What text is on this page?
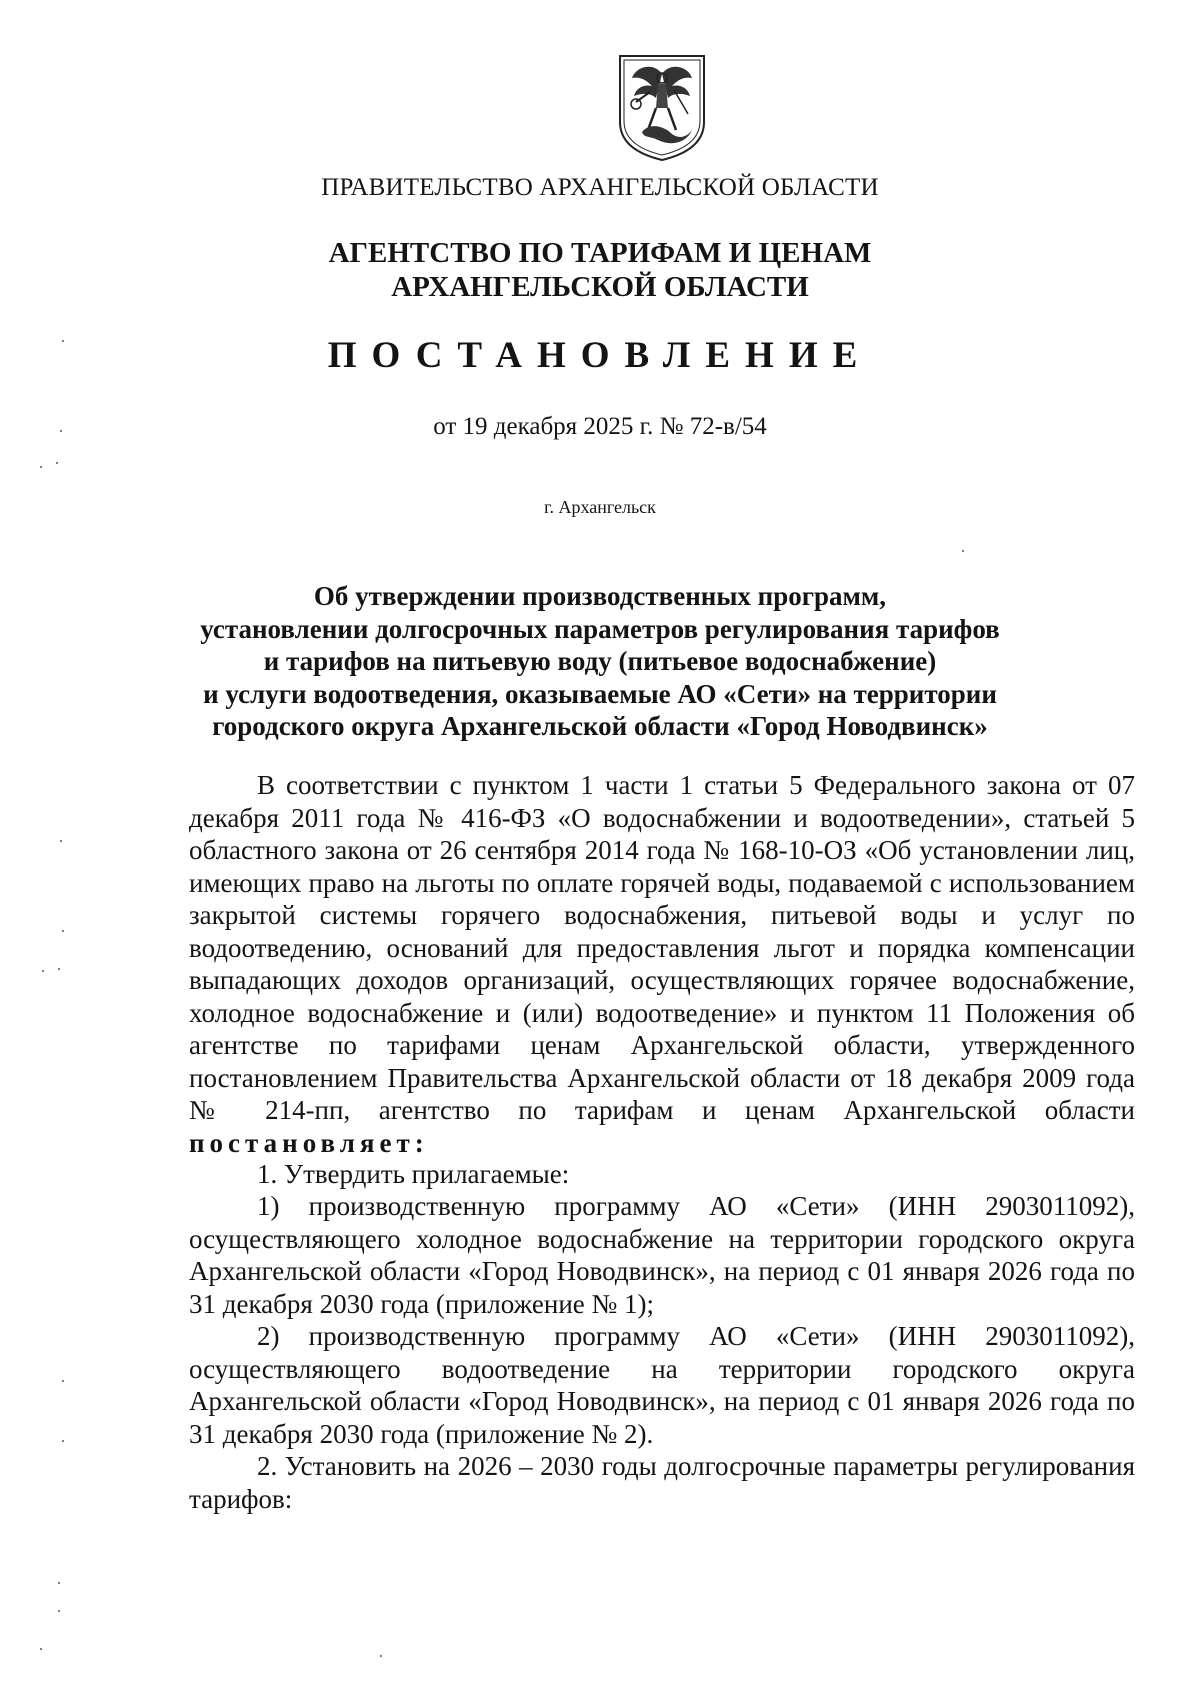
ПРАВИТЕЛЬСТВО АРХАНГЕЛЬСКОЙ ОБЛАСТИ
АГЕНТСТВО ПО ТАРИФАМ И ЦЕНАМ
АРХАНГЕЛЬСКОЙ ОБЛАСТИ
ПОСТАНОВЛЕНИЕ
от 19 декабря 2025 г. № 72-в/54
г. Архангельск
Об утверждении производственных программ,
установлении долгосрочных параметров регулирования тарифов
и тарифов на питьевую воду (питьевое водоснабжение)
и услуги водоотведения, оказываемые АО «Сети» на территории
городского округа Архангельской области «Город Новодвинск»
В соответствии с пунктом 1 части 1 статьи 5 Федерального закона от 07 декабря 2011 года № 416-ФЗ «О водоснабжении и водоотведении», статьей 5 областного закона от 26 сентября 2014 года № 168-10-ОЗ «Об установлении лиц, имеющих право на льготы по оплате горячей воды, подаваемой с использованием закрытой системы горячего водоснабжения, питьевой воды и услуг по водоотведению, оснований для предоставления льгот и порядка компенсации выпадающих доходов организаций, осуществляющих горячее водоснабжение, холодное водоснабжение и (или) водоотведение» и пунктом 11 Положения об агентстве по тарифами ценам Архангельской области, утвержденного постановлением Правительства Архангельской области от 18 декабря 2009 года № 214-пп, агентство по тарифам и ценам Архангельской области постановляет:
1. Утвердить прилагаемые:
1) производственную программу АО «Сети» (ИНН 2903011092), осуществляющего холодное водоснабжение на территории городского округа Архангельской области «Город Новодвинск», на период с 01 января 2026 года по 31 декабря 2030 года (приложение № 1);
2) производственную программу АО «Сети» (ИНН 2903011092), осуществляющего водоотведение на территории городского округа Архангельской области «Город Новодвинск», на период с 01 января 2026 года по 31 декабря 2030 года (приложение № 2).
2. Установить на 2026 – 2030 годы долгосрочные параметры регулирования тарифов:
